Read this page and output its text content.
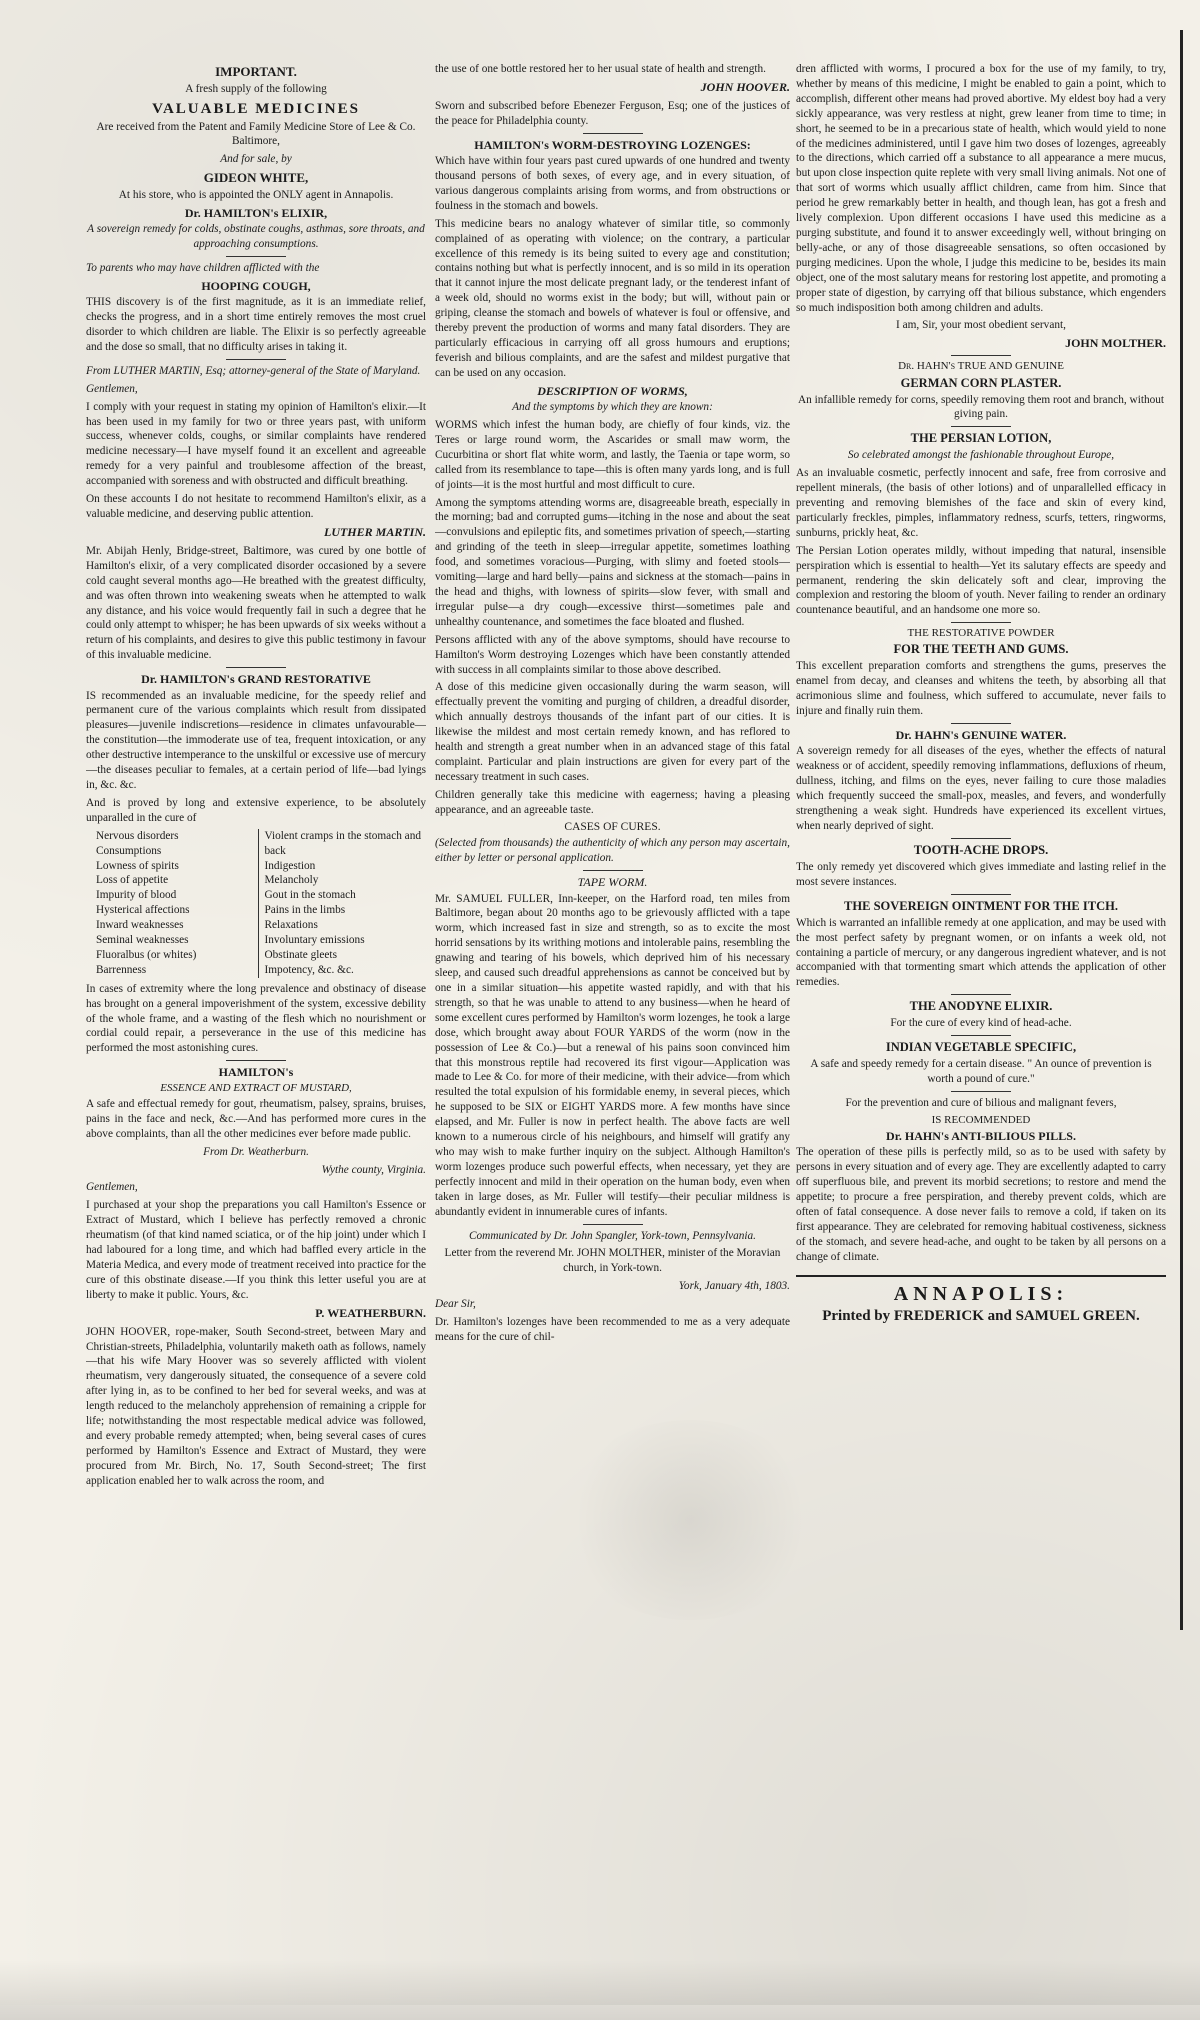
IMPORTANT.

A fresh supply of the following

VALUABLE MEDICINES

Are received from the Patent and Family Medicine Store of Lee & Co. Baltimore,

And for sale, by

GIDEON WHITE,

At his store, who is appointed the ONLY agent in Annapolis.

Dr. HAMILTON's ELIXIR,

A sovereign remedy for colds, obstinate coughs, asthmas, sore throats, and approaching consumptions.

To parents who may have children afflicted with the

HOOPING COUGH,

THIS discovery is of the first magnitude, as it is an immediate relief, checks the progress, and in a short time entirely removes the most cruel disorder to which children are liable. The Elixir is so perfectly agreeable and the dose so small, that no difficulty arises in taking it.

From LUTHER MARTIN, Esq; attorney-general of the State of Maryland.

Gentlemen,

I comply with your request in stating my opinion of Hamilton's elixir.—It has been used in my family for two or three years past, with uniform success, whenever colds, coughs, or similar complaints have rendered medicine necessary—I have myself found it an excellent and agreeable remedy for a very painful and troublesome affection of the breast, accompanied with soreness and with obstructed and difficult breathing.

On these accounts I do not hesitate to recommend Hamilton's elixir, as a valuable medicine, and deserving public attention.

LUTHER MARTIN.

Mr. Abijah Henly, Bridge-street, Baltimore, was cured by one bottle of Hamilton's elixir, of a very complicated disorder occasioned by a severe cold caught several months ago—He breathed with the greatest difficulty, and was often thrown into weakening sweats when he attempted to walk any distance, and his voice would frequently fail in such a degree that he could only attempt to whisper; he has been upwards of six weeks without a return of his complaints, and desires to give this public testimony in favour of this invaluable medicine.

Dr. HAMILTON's GRAND RESTORATIVE

IS recommended as an invaluable medicine, for the speedy relief and permanent cure of the various complaints which result from dissipated pleasures—juvenile indiscretions—residence in climates unfavourable—the constitution—the immoderate use of tea, frequent intoxication, or any other destructive intemperance to the unskilful or excessive use of mercury—the diseases peculiar to females, at a certain period of life—bad lyings in, &c. &c.

And is proved by long and extensive experience, to be absolutely unparalled in the cure of

Nervous disorders
Consumptions
Lowness of spirits
Loss of appetite
Impurity of blood
Hysterical affections
Inward weaknesses
Seminal weaknesses
Fluoralbus (or whites)
Barrenness
Violent cramps in the stomach and back
Indigestion
Melancholy
Gout in the stomach
Pains in the limbs
Relaxations
Involuntary emissions
Obstinate gleets
Impotency, &c. &c.

In cases of extremity where the long prevalence and obstinacy of disease has brought on a general impoverishment of the system, excessive debility of the whole frame, and a wasting of the flesh which no nourishment or cordial could repair, a perseverance in the use of this medicine has performed the most astonishing cures.

HAMILTON's
ESSENCE AND EXTRACT OF MUSTARD,

A safe and effectual remedy for gout, rheumatism, palsey, sprains, bruises, pains in the face and neck, &c.—And has performed more cures in the above complaints, than all the other medicines ever before made public.

From Dr. Weatherburn.

Wythe county, Virginia.

Gentlemen,

I purchased at your shop the preparations you call Hamilton's Essence or Extract of Mustard, which I believe has perfectly removed a chronic rheumatism (of that kind named sciatica, or of the hip joint) under which I had laboured for a long time, and which had baffled every article in the Materia Medica, and every mode of treatment received into practice for the cure of this obstinate disease.—If you think this letter useful you are at liberty to make it public. Yours, &c.

P. WEATHERBURN.

JOHN HOOVER, rope-maker, South Second-street, between Mary and Christian-streets, Philadelphia, voluntarily maketh oath as follows, namely—that his wife Mary Hoover was so severely afflicted with violent rheumatism, very dangerously situated, the consequence of a severe cold after lying in, as to be confined to her bed for several weeks, and was at length reduced to the melancholy apprehension of remaining a cripple for life; notwithstanding the most respectable medical advice was followed, and every probable remedy attempted; when, being several cases of cures performed by Hamilton's Essence and Extract of Mustard, they were procured from Mr. Birch, No. 17, South Second-street; The first application enabled her to walk across the room, and

the use of one bottle restored her to her usual state of health and strength.

JOHN HOOVER.

Sworn and subscribed before Ebenezer Ferguson, Esq; one of the justices of the peace for Philadelphia county.

HAMILTON's WORM-DESTROYING LOZENGES:

Which have within four years past cured upwards of one hundred and twenty thousand persons of both sexes, of every age, and in every situation, of various dangerous complaints arising from worms, and from obstructions or foulness in the stomach and bowels.

This medicine bears no analogy whatever of similar title, so commonly complained of as operating with violence; on the contrary, a particular excellence of this remedy is its being suited to every age and constitution; contains nothing but what is perfectly innocent, and is so mild in its operation that it cannot injure the most delicate pregnant lady, or the tenderest infant of a week old, should no worms exist in the body; but will, without pain or griping, cleanse the stomach and bowels of whatever is foul or offensive, and thereby prevent the production of worms and many fatal disorders. They are particularly efficacious in carrying off all gross humours and eruptions; feverish and bilious complaints, and are the safest and mildest purgative that can be used on any occasion.

DESCRIPTION OF WORMS,

And the symptoms by which they are known:

WORMS which infest the human body, are chiefly of four kinds, viz. the Teres or large round worm, the Ascarides or small maw worm, the Cucurbitina or short flat white worm, and lastly, the Taenia or tape worm, so called from its resemblance to tape—this is often many yards long, and is full of joints—it is the most hurtful and most difficult to cure.

Among the symptoms attending worms are, disagreeable breath, especially in the morning; bad and corrupted gums—itching in the nose and about the seat—convulsions and epileptic fits, and sometimes privation of speech,—starting and grinding of the teeth in sleep—irregular appetite, sometimes loathing food, and sometimes voracious—Purging, with slimy and foeted stools—vomiting—large and hard belly—pains and sickness at the stomach—pains in the head and thighs, with lowness of spirits—slow fever, with small and irregular pulse—a dry cough—excessive thirst—sometimes pale and unhealthy countenance, and sometimes the face bloated and flushed.

Persons afflicted with any of the above symptoms, should have recourse to Hamilton's Worm destroying Lozenges which have been constantly attended with success in all complaints similar to those above described.

A dose of this medicine given occasionally during the warm season, will effectually prevent the vomiting and purging of children, a dreadful disorder, which annually destroys thousands of the infant part of our cities. It is likewise the mildest and most certain remedy known, and has reflored to health and strength a great number when in an advanced stage of this fatal complaint. Particular and plain instructions are given for every part of the necessary treatment in such cases.

Children generally take this medicine with eagerness; having a pleasing appearance, and an agreeable taste.

CASES OF CURES.

(Selected from thousands) the authenticity of which any person may ascertain, either by letter or personal application.

TAPE WORM.

Mr. SAMUEL FULLER, Inn-keeper, on the Harford road, ten miles from Baltimore, began about 20 months ago to be grievously afflicted with a tape worm, which increased fast in size and strength, so as to excite the most horrid sensations by its writhing motions and intolerable pains, resembling the gnawing and tearing of his bowels, which deprived him of his necessary sleep, and caused such dreadful apprehensions as cannot be conceived but by one in a similar situation—his appetite wasted rapidly, and with that his strength, so that he was unable to attend to any business—when he heard of some excellent cures performed by Hamilton's worm lozenges, he took a large dose, which brought away about FOUR YARDS of the worm (now in the possession of Lee & Co.)—but a renewal of his pains soon convinced him that this monstrous reptile had recovered its first vigour—Application was made to Lee & Co. for more of their medicine, with their advice—from which resulted the total expulsion of his formidable enemy, in several pieces, which he supposed to be SIX or EIGHT YARDS more. A few months have since elapsed, and Mr. Fuller is now in perfect health. The above facts are well known to a numerous circle of his neighbours, and himself will gratify any who may wish to make further inquiry on the subject. Although Hamilton's worm lozenges produce such powerful effects, when necessary, yet they are perfectly innocent and mild in their operation on the human body, even when taken in large doses, as Mr. Fuller will testify—their peculiar mildness is abundantly evident in innumerable cures of infants.

Communicated by Dr. John Spangler, York-town, Pennsylvania.

Letter from the reverend Mr. JOHN MOLTHER, minister of the Moravian church, in York-town.

York, January 4th, 1803.

Dear Sir,

Dr. Hamilton's lozenges have been recommended to me as a very adequate means for the cure of chil-

dren afflicted with worms, I procured a box for the use of my family, to try, whether by means of this medicine, I might be enabled to gain a point, which to accomplish, different other means had proved abortive. My eldest boy had a very sickly appearance, was very restless at night, grew leaner from time to time; in short, he seemed to be in a precarious state of health, which would yield to none of the medicines administered, until I gave him two doses of lozenges, agreeably to the directions, which carried off a substance to all appearance a mere mucus, but upon close inspection quite replete with very small living animals. Not one of that sort of worms which usually afflict children, came from him. Since that period he grew remarkably better in health, and though lean, has got a fresh and lively complexion. Upon different occasions I have used this medicine as a purging substitute, and found it to answer exceedingly well, without bringing on belly-ache, or any of those disagreeable sensations, so often occasioned by purging medicines. Upon the whole, I judge this medicine to be, besides its main object, one of the most salutary means for restoring lost appetite, and promoting a proper state of digestion, by carrying off that bilious substance, which engenders so much indisposition both among children and adults.

I am, Sir, your most obedient servant,

JOHN MOLTHER.
Dr. HAHN's TRUE AND GENUINE
GERMAN CORN PLASTER.

An infallible remedy for corns, speedily removing them root and branch, without giving pain.

THE PERSIAN LOTION,

So celebrated amongst the fashionable throughout Europe,

As an invaluable cosmetic, perfectly innocent and safe, free from corrosive and repellent minerals, (the basis of other lotions) and of unparallelled efficacy in preventing and removing blemishes of the face and skin of every kind, particularly freckles, pimples, inflammatory redness, scurfs, tetters, ringworms, sunburns, prickly heat, &c.

The Persian Lotion operates mildly, without impeding that natural, insensible perspiration which is essential to health—Yet its salutary effects are speedy and permanent, rendering the skin delicately soft and clear, improving the complexion and restoring the bloom of youth. Never failing to render an ordinary countenance beautiful, and an handsome one more so.

THE RESTORATIVE POWDER
FOR THE TEETH AND GUMS.

This excellent preparation comforts and strengthens the gums, preserves the enamel from decay, and cleanses and whitens the teeth, by absorbing all that acrimonious slime and foulness, which suffered to accumulate, never fails to injure and finally ruin them.

Dr. HAHN's GENUINE WATER.

A sovereign remedy for all diseases of the eyes, whether the effects of natural weakness or of accident, speedily removing inflammations, defluxions of rheum, dullness, itching, and films on the eyes, never failing to cure those maladies which frequently succeed the small-pox, measles, and fevers, and wonderfully strengthening a weak sight. Hundreds have experienced its excellent virtues, when nearly deprived of sight.

TOOTH-ACHE DROPS.

The only remedy yet discovered which gives immediate and lasting relief in the most severe instances.

THE SOVEREIGN OINTMENT FOR THE ITCH.

Which is warranted an infallible remedy at one application, and may be used with the most perfect safety by pregnant women, or on infants a week old, not containing a particle of mercury, or any dangerous ingredient whatever, and is not accompanied with that tormenting smart which attends the application of other remedies.

THE ANODYNE ELIXIR.

For the cure of every kind of head-ache.

INDIAN VEGETABLE SPECIFIC,

A safe and speedy remedy for a certain disease. " An ounce of prevention is worth a pound of cure."

For the prevention and cure of bilious and malignant fevers,

IS RECOMMENDED
Dr. HAHN's ANTI-BILIOUS PILLS.

The operation of these pills is perfectly mild, so as to be used with safety by persons in every situation and of every age. They are excellently adapted to carry off superfluous bile, and prevent its morbid secretions; to restore and mend the appetite; to procure a free perspiration, and thereby prevent colds, which are often of fatal consequence. A dose never fails to remove a cold, if taken on its first appearance. They are celebrated for removing habitual costiveness, sickness of the stomach, and severe head-ache, and ought to be taken by all persons on a change of climate.

ANNAPOLIS:
Printed by FREDERICK and SAMUEL GREEN.
